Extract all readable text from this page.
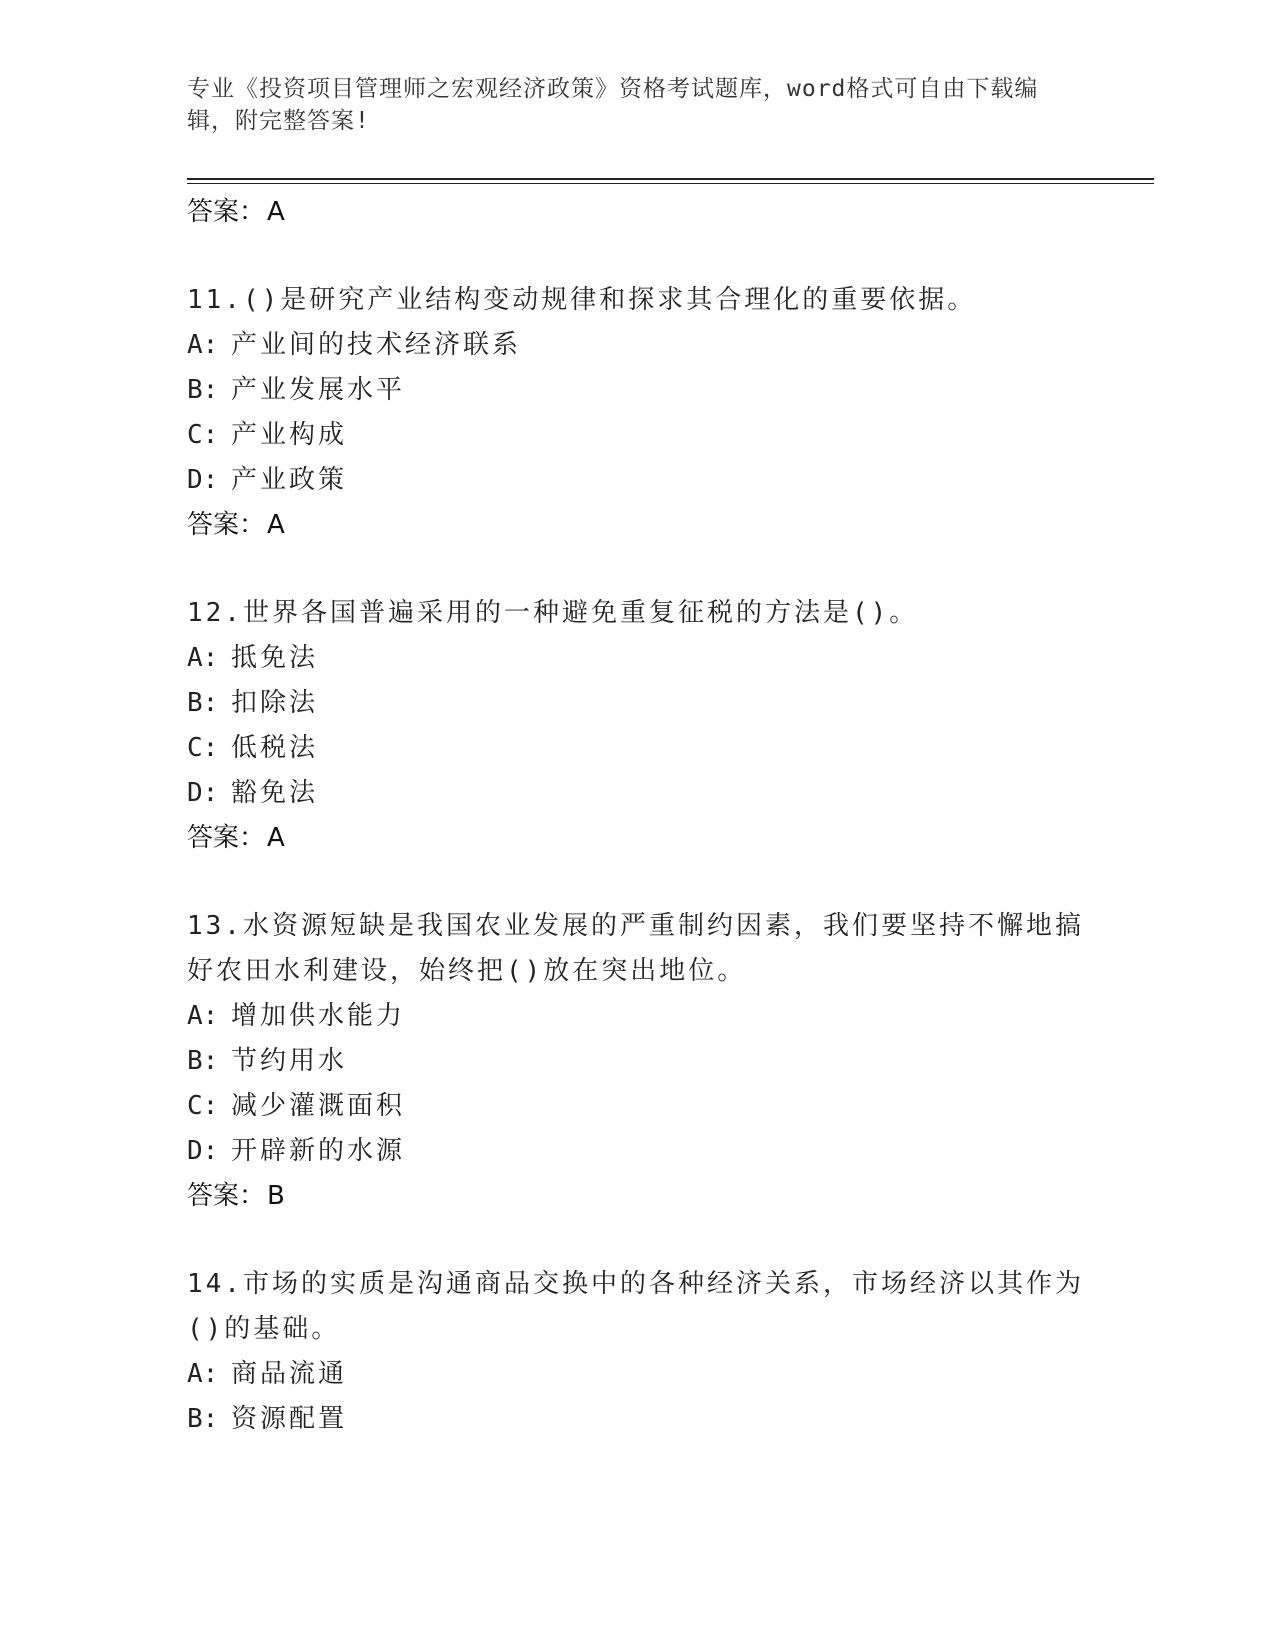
专业《投资项目管理师之宏观经济政策》资格考试题库，word格式可自由下载编辑，附完整答案!
答案：A
11.()是研究产业结构变动规律和探求其合理化的重要依据。
A: 产业间的技术经济联系
B: 产业发展水平
C: 产业构成
D: 产业政策
答案：A
12.世界各国普遍采用的一种避免重复征税的方法是()。
A: 抵免法
B: 扣除法
C: 低税法
D: 豁免法
答案：A
13.水资源短缺是我国农业发展的严重制约因素，我们要坚持不懈地搞好农田水利建设，始终把()放在突出地位。
A: 增加供水能力
B: 节约用水
C: 减少灌溉面积
D: 开辟新的水源
答案：B
14.市场的实质是沟通商品交换中的各种经济关系，市场经济以其作为()的基础。
A: 商品流通
B: 资源配置
